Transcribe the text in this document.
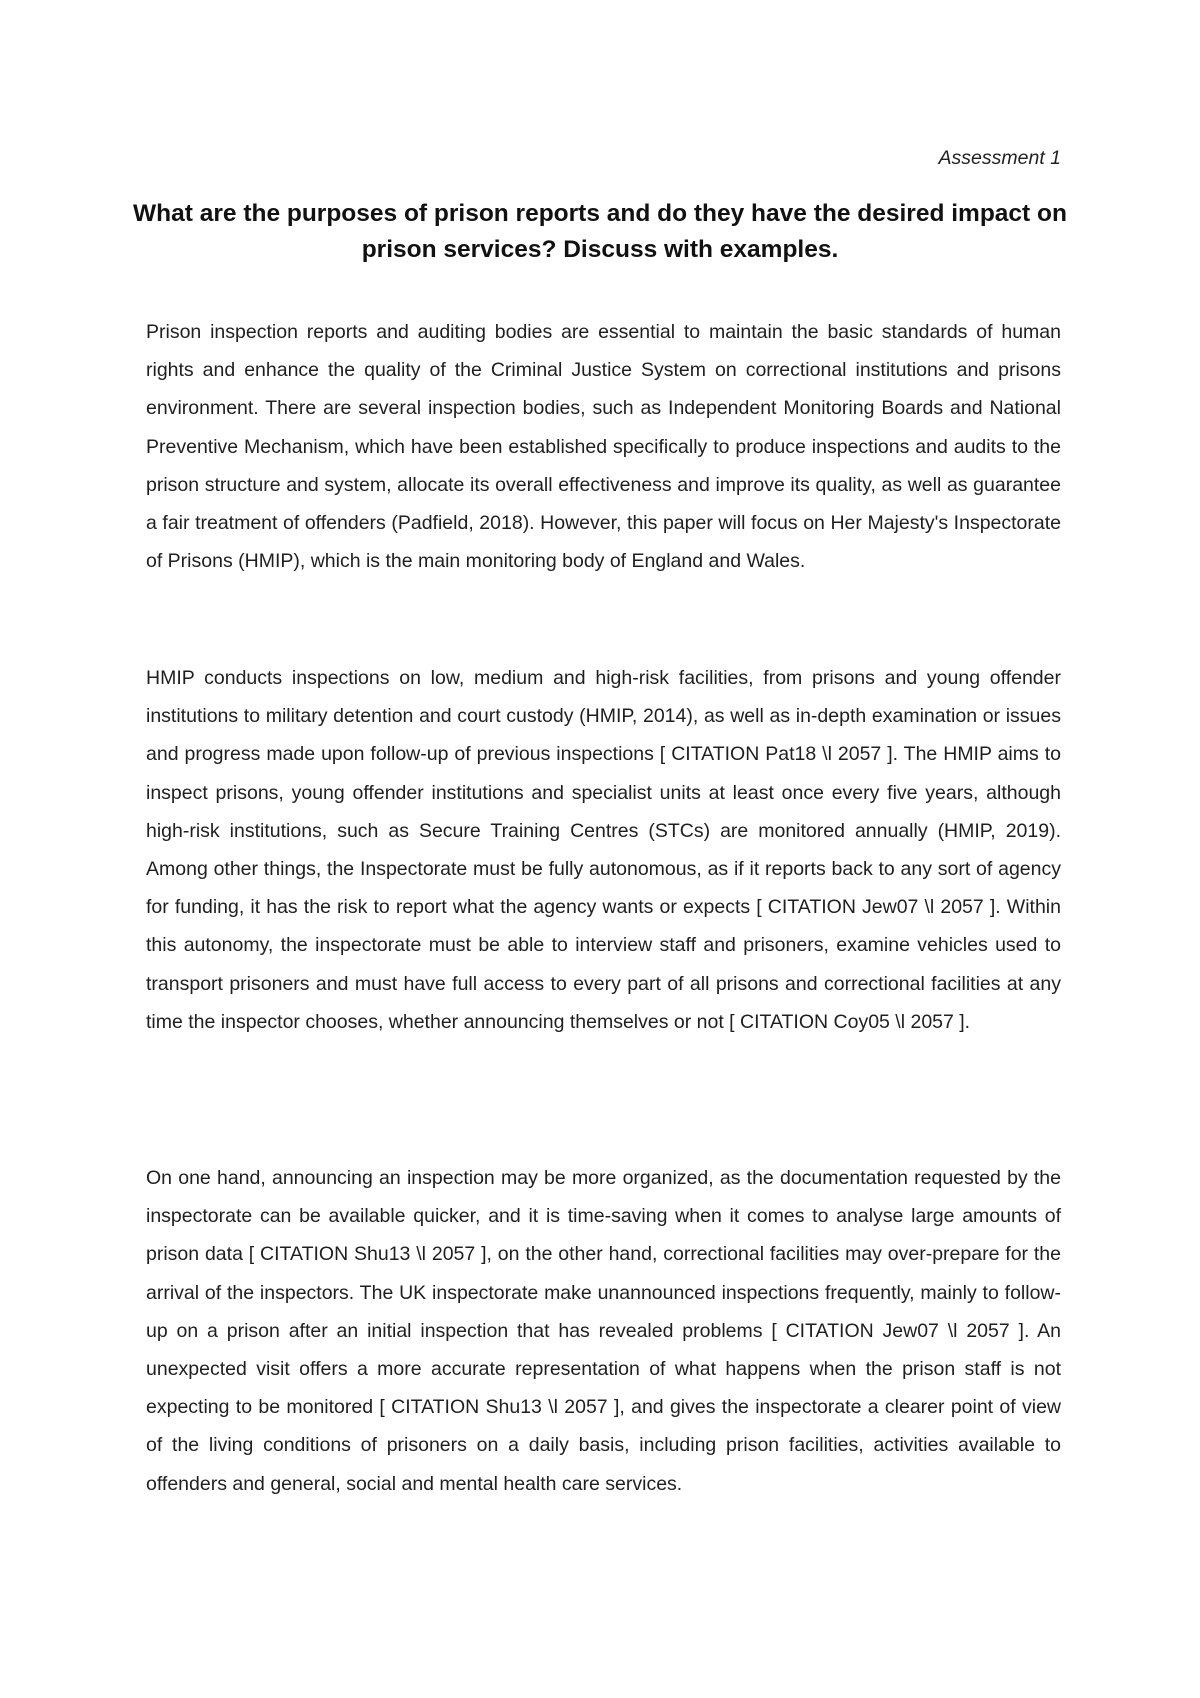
Assessment 1
What are the purposes of prison reports and do they have the desired impact on prison services? Discuss with examples.

Prison inspection reports and auditing bodies are essential to maintain the basic standards of human rights and enhance the quality of the Criminal Justice System on correctional institutions and prisons environment. There are several inspection bodies, such as Independent Monitoring Boards and National Preventive Mechanism, which have been established specifically to produce inspections and audits to the prison structure and system, allocate its overall effectiveness and improve its quality, as well as guarantee a fair treatment of offenders (Padfield, 2018). However, this paper will focus on Her Majesty's Inspectorate of Prisons (HMIP), which is the main monitoring body of England and Wales.

HMIP conducts inspections on low, medium and high-risk facilities, from prisons and young offender institutions to military detention and court custody (HMIP, 2014), as well as in-depth examination or issues and progress made upon follow-up of previous inspections [ CITATION Pat18 \l 2057 ]. The HMIP aims to inspect prisons, young offender institutions and specialist units at least once every five years, although high-risk institutions, such as Secure Training Centres (STCs) are monitored annually (HMIP, 2019). Among other things, the Inspectorate must be fully autonomous, as if it reports back to any sort of agency for funding, it has the risk to report what the agency wants or expects [ CITATION Jew07 \l 2057 ]. Within this autonomy, the inspectorate must be able to interview staff and prisoners, examine vehicles used to transport prisoners and must have full access to every part of all prisons and correctional facilities at any time the inspector chooses, whether announcing themselves or not [ CITATION Coy05 \l 2057 ].

On one hand, announcing an inspection may be more organized, as the documentation requested by the inspectorate can be available quicker, and it is time-saving when it comes to analyse large amounts of prison data [ CITATION Shu13 \l 2057 ], on the other hand, correctional facilities may over-prepare for the arrival of the inspectors. The UK inspectorate make unannounced inspections frequently, mainly to follow-up on a prison after an initial inspection that has revealed problems [ CITATION Jew07 \l 2057 ]. An unexpected visit offers a more accurate representation of what happens when the prison staff is not expecting to be monitored [ CITATION Shu13 \l 2057 ], and gives the inspectorate a clearer point of view of the living conditions of prisoners on a daily basis, including prison facilities, activities available to offenders and general, social and mental health care services.
